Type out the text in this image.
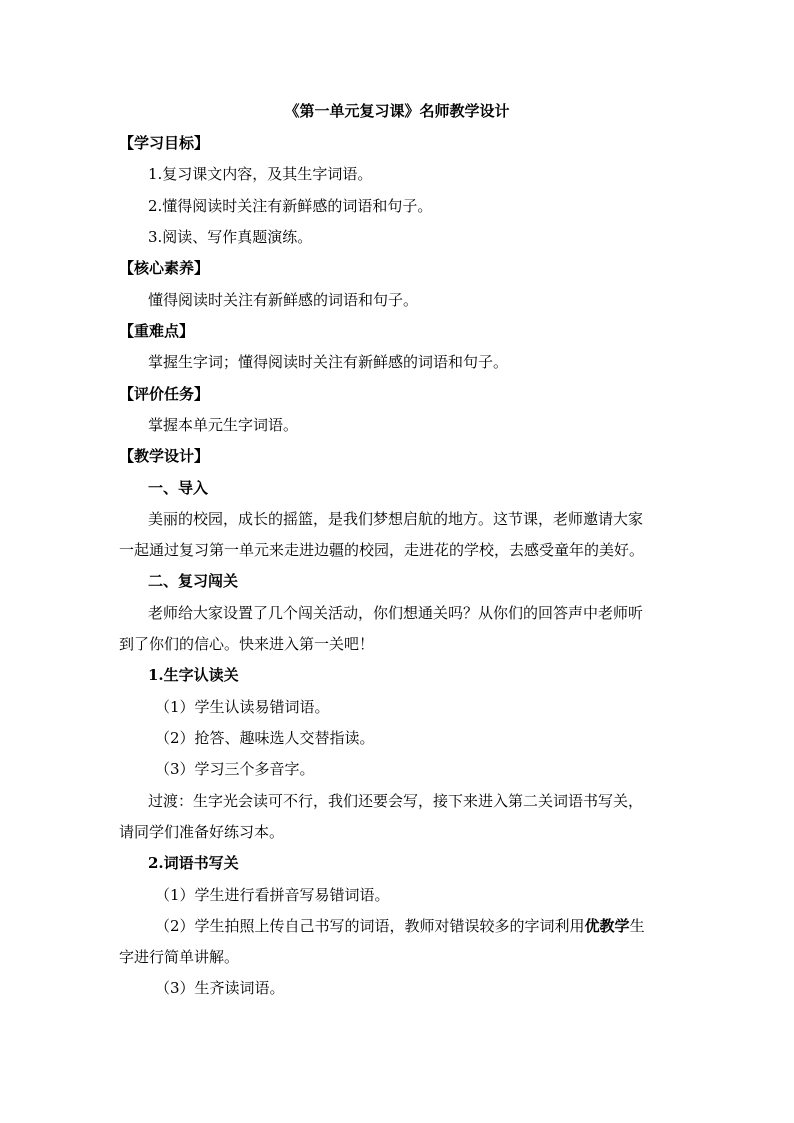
《第一单元复习课》名师教学设计
【学习目标】
1.复习课文内容，及其生字词语。
2.懂得阅读时关注有新鲜感的词语和句子。
3.阅读、写作真题演练。
【核心素养】
懂得阅读时关注有新鲜感的词语和句子。
【重难点】
掌握生字词；懂得阅读时关注有新鲜感的词语和句子。
【评价任务】
掌握本单元生字词语。
【教学设计】
一、导入
美丽的校园，成长的摇篮，是我们梦想启航的地方。这节课，老师邀请大家
一起通过复习第一单元来走进边疆的校园，走进花的学校，去感受童年的美好。
二、复习闯关
老师给大家设置了几个闯关活动，你们想通关吗？从你们的回答声中老师听
到了你们的信心。快来进入第一关吧！
1.生字认读关
（1）学生认读易错词语。
（2）抢答、趣味选人交替指读。
（3）学习三个多音字。
过渡：生字光会读可不行，我们还要会写，接下来进入第二关词语书写关，
请同学们准备好练习本。
2.词语书写关
（1）学生进行看拼音写易错词语。
（2）学生拍照上传自己书写的词语，教师对错误较多的字词利用优教学生
字进行简单讲解。
（3）生齐读词语。
